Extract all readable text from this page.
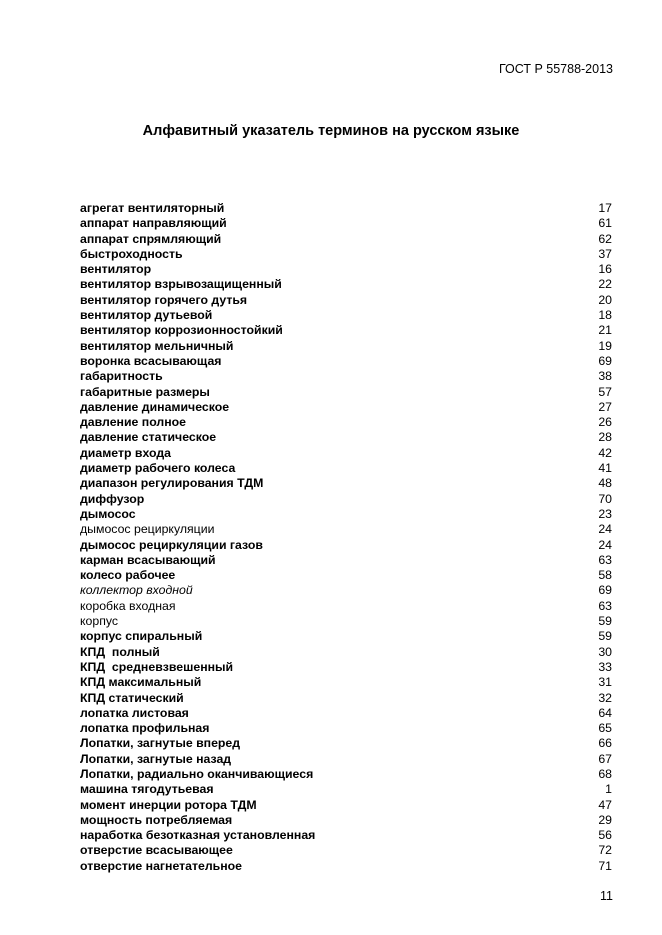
ГОСТ Р 55788-2013
Алфавитный указатель терминов на русском языке
агрегат вентиляторный	17
аппарат направляющий	61
аппарат спрямляющий	62
быстроходность	37
вентилятор	16
вентилятор взрывозащищенный	22
вентилятор горячего дутья	20
вентилятор дутьевой	18
вентилятор коррозионностойкий	21
вентилятор мельничный	19
воронка всасывающая	69
габаритность	38
габаритные размеры	57
давление динамическое	27
давление полное	26
давление статическое	28
диаметр входа	42
диаметр рабочего колеса	41
диапазон регулирования ТДМ	48
диффузор	70
дымосос	23
дымосос рециркуляции	24
дымосос рециркуляции газов	24
карман всасывающий	63
колесо рабочее	58
коллектор входной	69
коробка входная	63
корпус	59
корпус спиральный	59
КПД  полный	30
КПД  средневзвешенный	33
КПД максимальный	31
КПД статический	32
лопатка листовая	64
лопатка профильная	65
Лопатки, загнутые вперед	66
Лопатки, загнутые назад	67
Лопатки, радиально оканчивающиеся	68
машина тягодутьевая	1
момент инерции ротора ТДМ	47
мощность потребляемая	29
наработка безотказная установленная	56
отверстие всасывающее	72
отверстие нагнетательное	71
11
